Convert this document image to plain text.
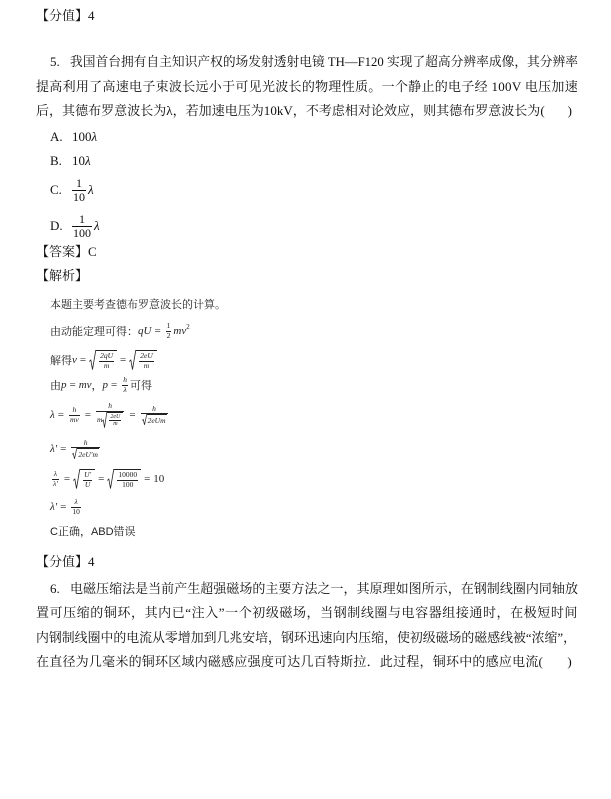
【分值】4
5. 我国首台拥有自主知识产权的场发射透射电镜 TH—F120 实现了超高分辨率成像，其分辨率
提高利用了高速电子束波长远小于可见光波长的物理性质。一个静止的电子经 100V 电压加速
后，其德布罗意波长为λ，若加速电压为10kV，不考虑相对论效应，则其德布罗意波长为(       )
A. 100 λ
B. 10 λ
C. $\frac{1}{10}$ λ
D. $\frac{1}{100}$ λ
【答案】C
【解析】
本题主要考查德布罗意波长的计算。
由动能定理可得： qU = $\frac{1}{2}$ mv 2
解得 $v = \frac{2qU}{m} = \frac{2eU}{m}$
由 p = mv ， $p = \frac{h}{\lambda}$ 可得
$\lambda = \frac{h}{mv}$ =
h
m $\frac{2eU}{m} = \frac{h}{\text{2eUm}}$
$\lambda' = \frac{h}{2eU'm}$
$\frac{\lambda}{\lambda'} = \frac{U'}{U} = \frac{10000}{100} = 10$
$\lambda' = \frac{\lambda}{10}$
C正确，ABD错误
【分值】4
6. 电磁压缩法是当前产生超强磁场的主要方法之一，其原理如图所示，在钢制线圈内同轴放
置可压缩的铜环，其内已“注入”一个初级磁场，当钢制线圈与电容器组接通时，在极短时间
内钢制线圈中的电流从零增加到几兆安培，钢环迅速向内压缩，使初级磁场的磁感线被“浓缩”，
在直径为几毫米的铜环区域内磁感应强度可达几百特斯拉．此过程，铜环中的感应电流(       )
